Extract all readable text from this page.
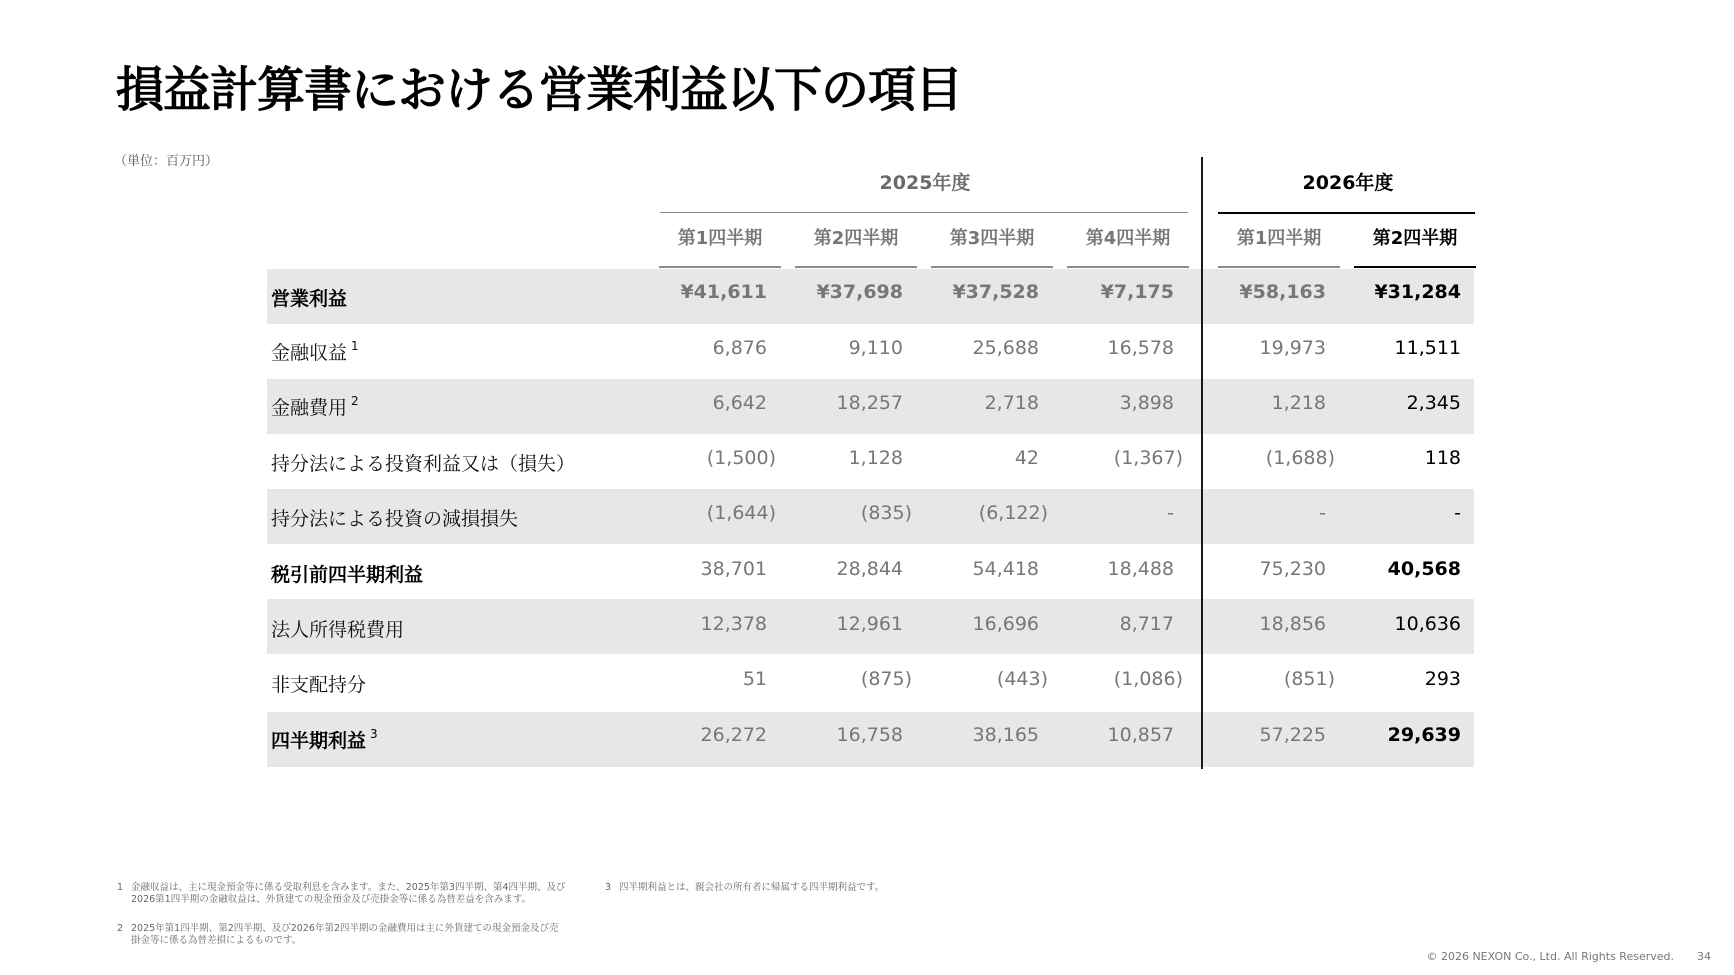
損益計算書における営業利益以下の項目
（単位：百万円）
2025年度	2026年度
第1四半期	第2四半期	第3四半期	第4四半期	第1四半期	第2四半期
営業利益	¥41,611	¥37,698	¥37,528	¥7,175	¥58,163	¥31,284
金融収益 $^1$	6,876	9,110	25,688	16,578	19,973	11,511
金融費用 $^2$	6,642	18,257	2,718	3,898	1,218	2,345
持分法による投資利益又は（損失）	(1,500)	1,128	42	(1,367)	(1,688)	118
持分法による投資の減損損失	(1,644)	(835)	(6,122)	-	-	-
税引前四半期利益	38,701	28,844	54,418	18,488	75,230	40,568
法人所得税費用	12,378	12,961	16,696	8,717	18,856	10,636
非支配持分	51	(875)	(443)	(1,086)	(851)	293
四半期利益 $^3$	26,272	16,758	38,165	10,857	57,225	29,639
1 金融収益は、主に現金預金等に係る受取利息を含みます。また、2025年第3四半期、第4四半期、及び2026第1四半期の金融収益は、外貨建ての現金預金及び売掛金等に係る為替差益を含みます。
2 2025年第1四半期、第2四半期、及び2026年第2四半期の金融費用は主に外貨建ての現金預金及び売掛金等に係る為替差損によるものです。
3 四半期利益とは、親会社の所有者に帰属する四半期利益です。
© 2026 NEXON Co., Ltd. All Rights Reserved. 34
